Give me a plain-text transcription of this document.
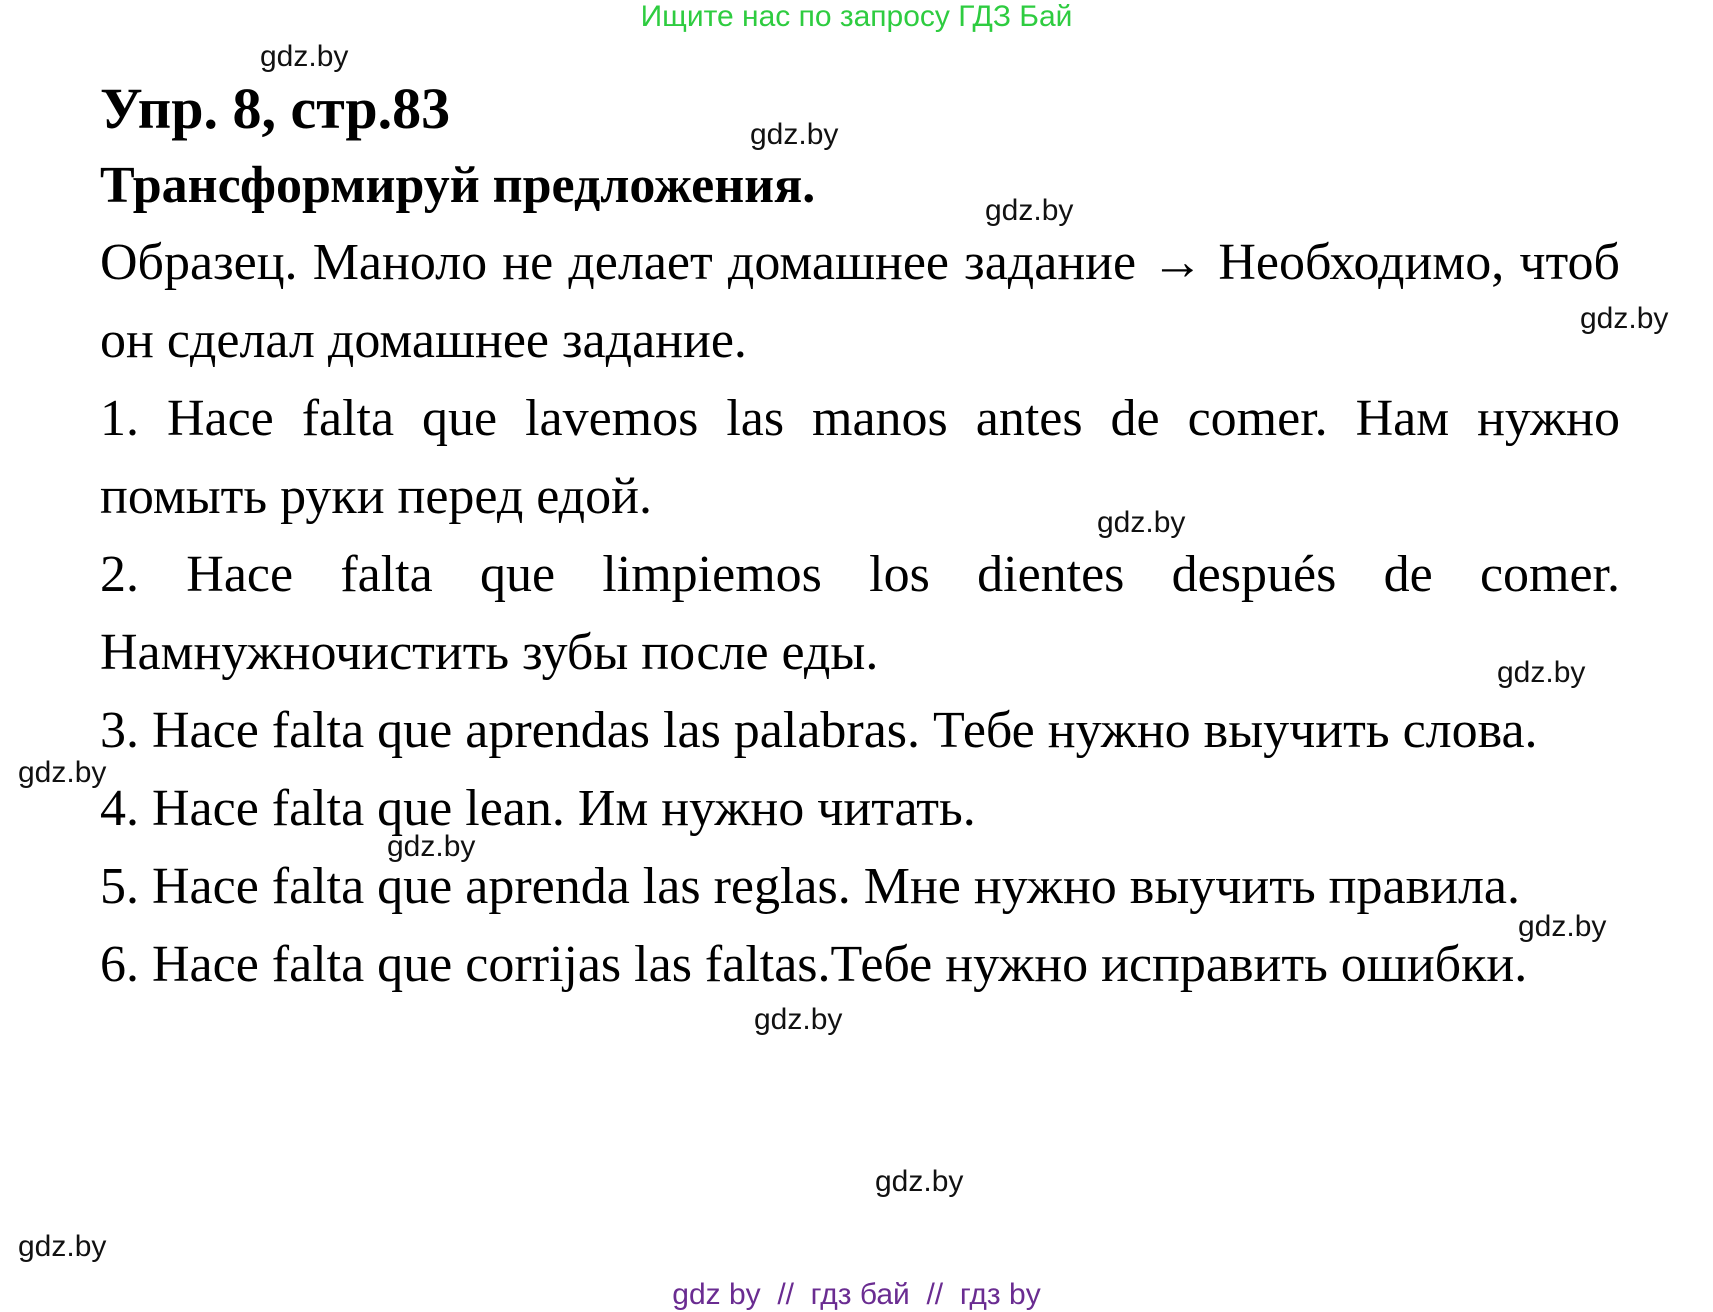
Ищите нас по запросу ГДЗ Бай

Упр. 8, стр.83

Трансформируй предложения.

Образец. Маноло не делает домашнее задание → Необходимо, чтоб он сделал домашнее задание.

1. Hace falta que lavemos las manos antes de comer. Нам нужно помыть руки перед едой.

2. Hace falta que limpiemos los dientes después de comer. Намнужночистить зубы после еды.

3. Hace falta que aprendas las palabras. Тебе нужно выучить слова.

4. Hace falta que lean. Им нужно читать.

5. Hace falta que aprenda las reglas. Мне нужно выучить правила.

6. Hace falta que corrijas las faltas.Тебе нужно исправить ошибки.

gdz.by
gdz.by
gdz.by
gdz.by
gdz.by
gdz.by
gdz.by
gdz.by
gdz.by
gdz.by
gdz.by
gdz.by
gdz by  //  гдз бай  //  гдз by
